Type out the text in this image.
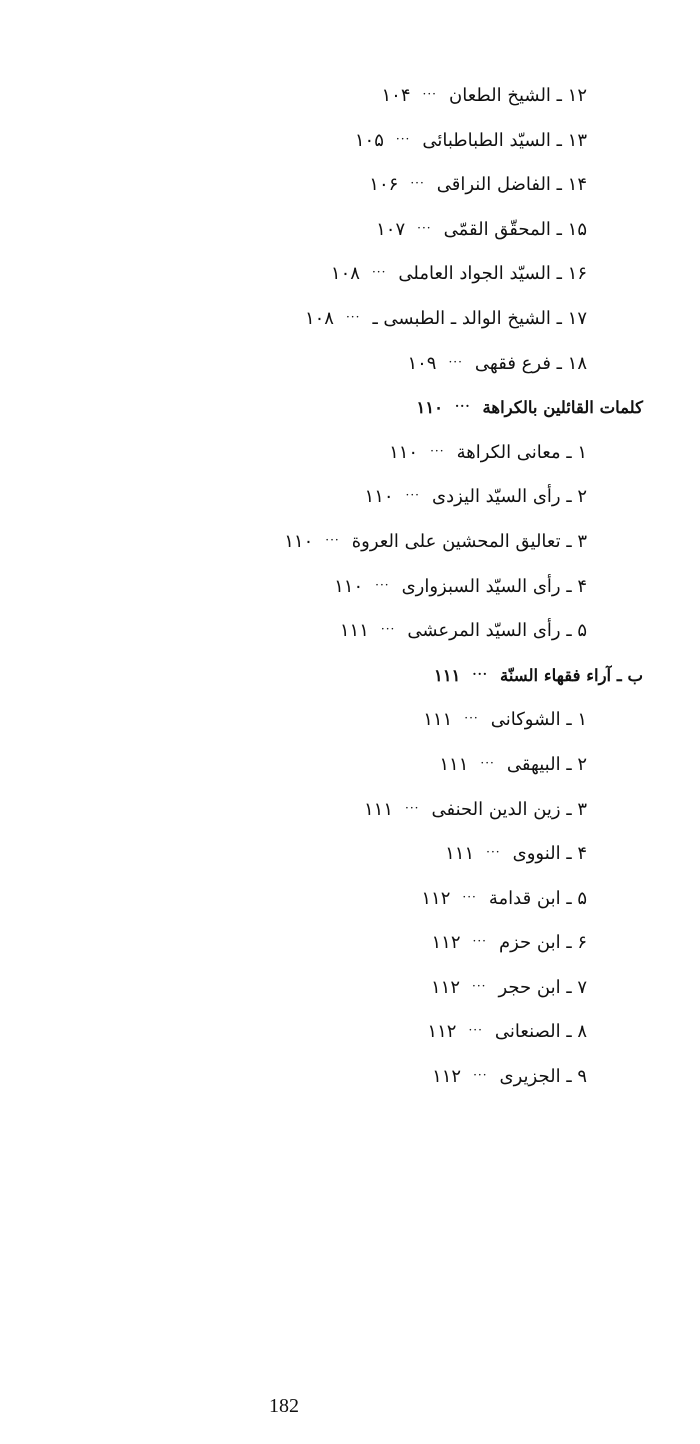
١٢ ـ الشيخ الطعان···١٠۴
١٣ ـ السيّد الطباطبائی···١٠۵
١۴ ـ الفاضل النراقی···١٠۶
١۵ ـ المحقّق القمّی···١٠٧
١۶ ـ السيّد الجواد العاملی···١٠٨
١٧ ـ الشيخ الوالد ـ الطبسی ـ···١٠٨
١٨ ـ فرع فقهی···١٠٩
كلمات القائلين بالكراهة···١١٠
١ ـ معانی الكراهة···١١٠
٢ ـ رأی السيّد اليزدی···١١٠
٣ ـ تعاليق المحشين على العروة···١١٠
۴ ـ رأی السيّد السبزواری···١١٠
۵ ـ رأی السيّد المرعشی···١١١
ب ـ آراء فقهاء السنّة···١١١
١ ـ الشوكانی···١١١
٢ ـ البيهقی···١١١
٣ ـ زين الدين الحنفی···١١١
۴ ـ النووی···١١١
۵ ـ ابن قدامة···١١٢
۶ ـ ابن حزم···١١٢
٧ ـ ابن حجر···١١٢
٨ ـ الصنعانی···١١٢
٩ ـ الجزيری···١١٢
182
